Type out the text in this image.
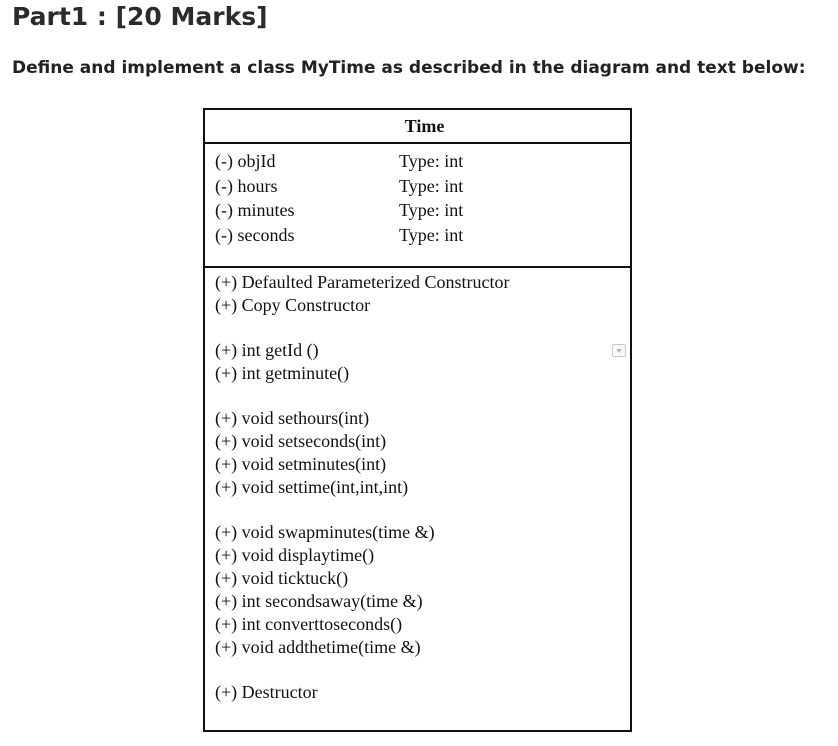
Part1 : [20 Marks]
Define and implement a class MyTime as described in the diagram and text below:
Time
(-) objId	Type: int
(-) hours	Type: int
(-) minutes	Type: int
(-) seconds	Type: int
(+) Defaulted Parameterized Constructor
(+) Copy Constructor
(+) int getId ()
(+) int getminute()
(+) void sethours(int)
(+) void setseconds(int)
(+) void setminutes(int)
(+) void settime(int,int,int)
(+) void swapminutes(time &)
(+) void displaytime()
(+) void ticktuck()
(+) int secondsaway(time &)
(+) int converttoseconds()
(+) void addthetime(time &)
(+) Destructor
